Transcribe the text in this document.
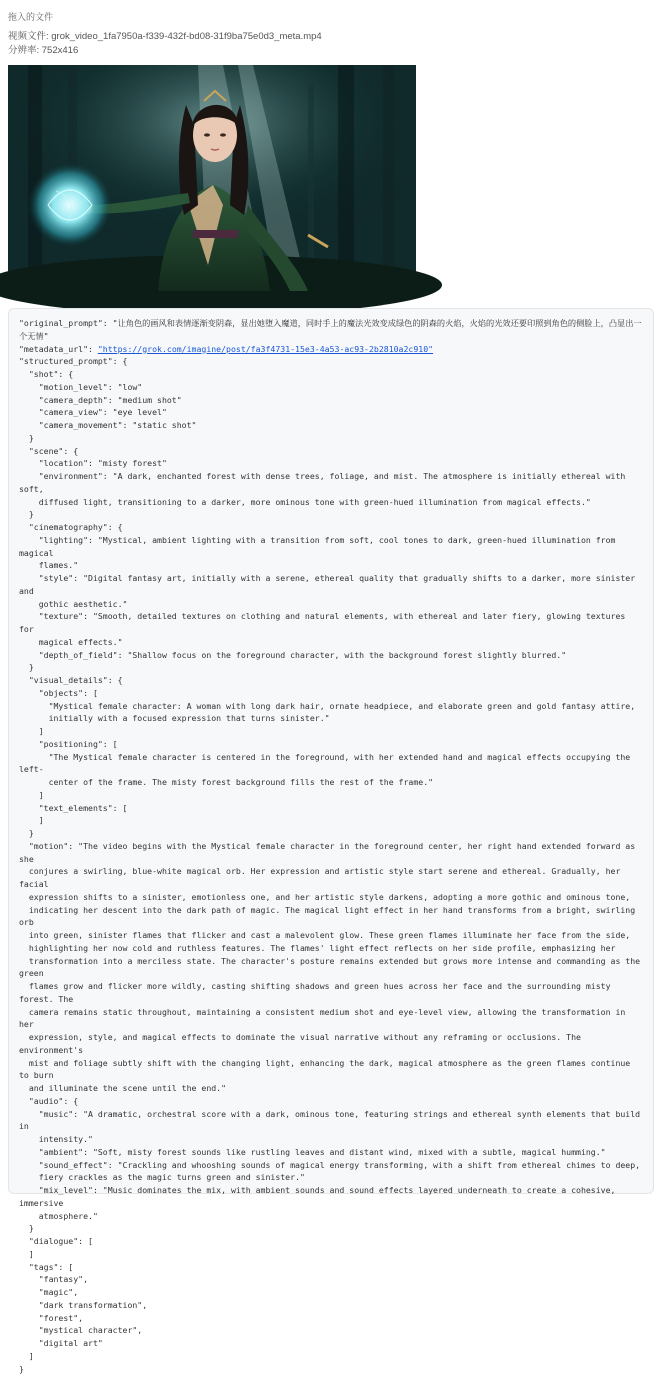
拖入的文件
视频文件: grok_video_1fa7950a-f339-432f-bd08-31f9ba75e0d3_meta.mp4
分辨率: 752x416
"original_prompt": "让角色的画风和表情逐渐变阴森，显出她堕入魔道，同时手上的魔法光效变成绿色的阴森的火焰，火焰的光效还要印照到角色的侧脸上，凸显出一个无情"
"metadata_url": "https://grok.com/imagine/post/fa3f4731-15e3-4a53-ac93-2b2810a2c910"
"structured_prompt": {
"shot": {
"motion_level": "low"
"camera_depth": "medium shot"
"camera_view": "eye level"
"camera_movement": "static shot"
}
"scene": {
"location": "misty forest"
"environment": "A dark, enchanted forest with dense trees, foliage, and mist. The atmosphere is initially ethereal with soft,
diffused light, transitioning to a darker, more ominous tone with green-hued illumination from magical effects."
}
"cinematography": {
"lighting": "Mystical, ambient lighting with a transition from soft, cool tones to dark, green-hued illumination from magical
flames."
"style": "Digital fantasy art, initially with a serene, ethereal quality that gradually shifts to a darker, more sinister and
gothic aesthetic."
"texture": "Smooth, detailed textures on clothing and natural elements, with ethereal and later fiery, glowing textures for
magical effects."
"depth_of_field": "Shallow focus on the foreground character, with the background forest slightly blurred."
}
"visual_details": {
"objects": [
"Mystical female character: A woman with long dark hair, ornate headpiece, and elaborate green and gold fantasy attire,
initially with a focused expression that turns sinister."
]
"positioning": [
"The Mystical female character is centered in the foreground, with her extended hand and magical effects occupying the left-
center of the frame. The misty forest background fills the rest of the frame."
]
"text_elements": [
]
}
"motion": "The video begins with the Mystical female character in the foreground center, her right hand extended forward as she
conjures a swirling, blue-white magical orb. Her expression and artistic style start serene and ethereal. Gradually, her facial
expression shifts to a sinister, emotionless one, and her artistic style darkens, adopting a more gothic and ominous tone,
indicating her descent into the dark path of magic. The magical light effect in her hand transforms from a bright, swirling orb
into green, sinister flames that flicker and cast a malevolent glow. These green flames illuminate her face from the side,
highlighting her now cold and ruthless features. The flames' light effect reflects on her side profile, emphasizing her
transformation into a merciless state. The character's posture remains extended but grows more intense and commanding as the green
flames grow and flicker more wildly, casting shifting shadows and green hues across her face and the surrounding misty forest. The
camera remains static throughout, maintaining a consistent medium shot and eye-level view, allowing the transformation in her
expression, style, and magical effects to dominate the visual narrative without any reframing or occlusions. The environment's
mist and foliage subtly shift with the changing light, enhancing the dark, magical atmosphere as the green flames continue to burn
and illuminate the scene until the end."
"audio": {
"music": "A dramatic, orchestral score with a dark, ominous tone, featuring strings and ethereal synth elements that build in
intensity."
"ambient": "Soft, misty forest sounds like rustling leaves and distant wind, mixed with a subtle, magical humming."
"sound_effect": "Crackling and whooshing sounds of magical energy transforming, with a shift from ethereal chimes to deep,
fiery crackles as the magic turns green and sinister."
"mix_level": "Music dominates the mix, with ambient sounds and sound effects layered underneath to create a cohesive, immersive
atmosphere."
}
"dialogue": [
]
"tags": [
"fantasy",
"magic",
"dark transformation",
"forest",
"mystical character",
"digital art"
]
}
